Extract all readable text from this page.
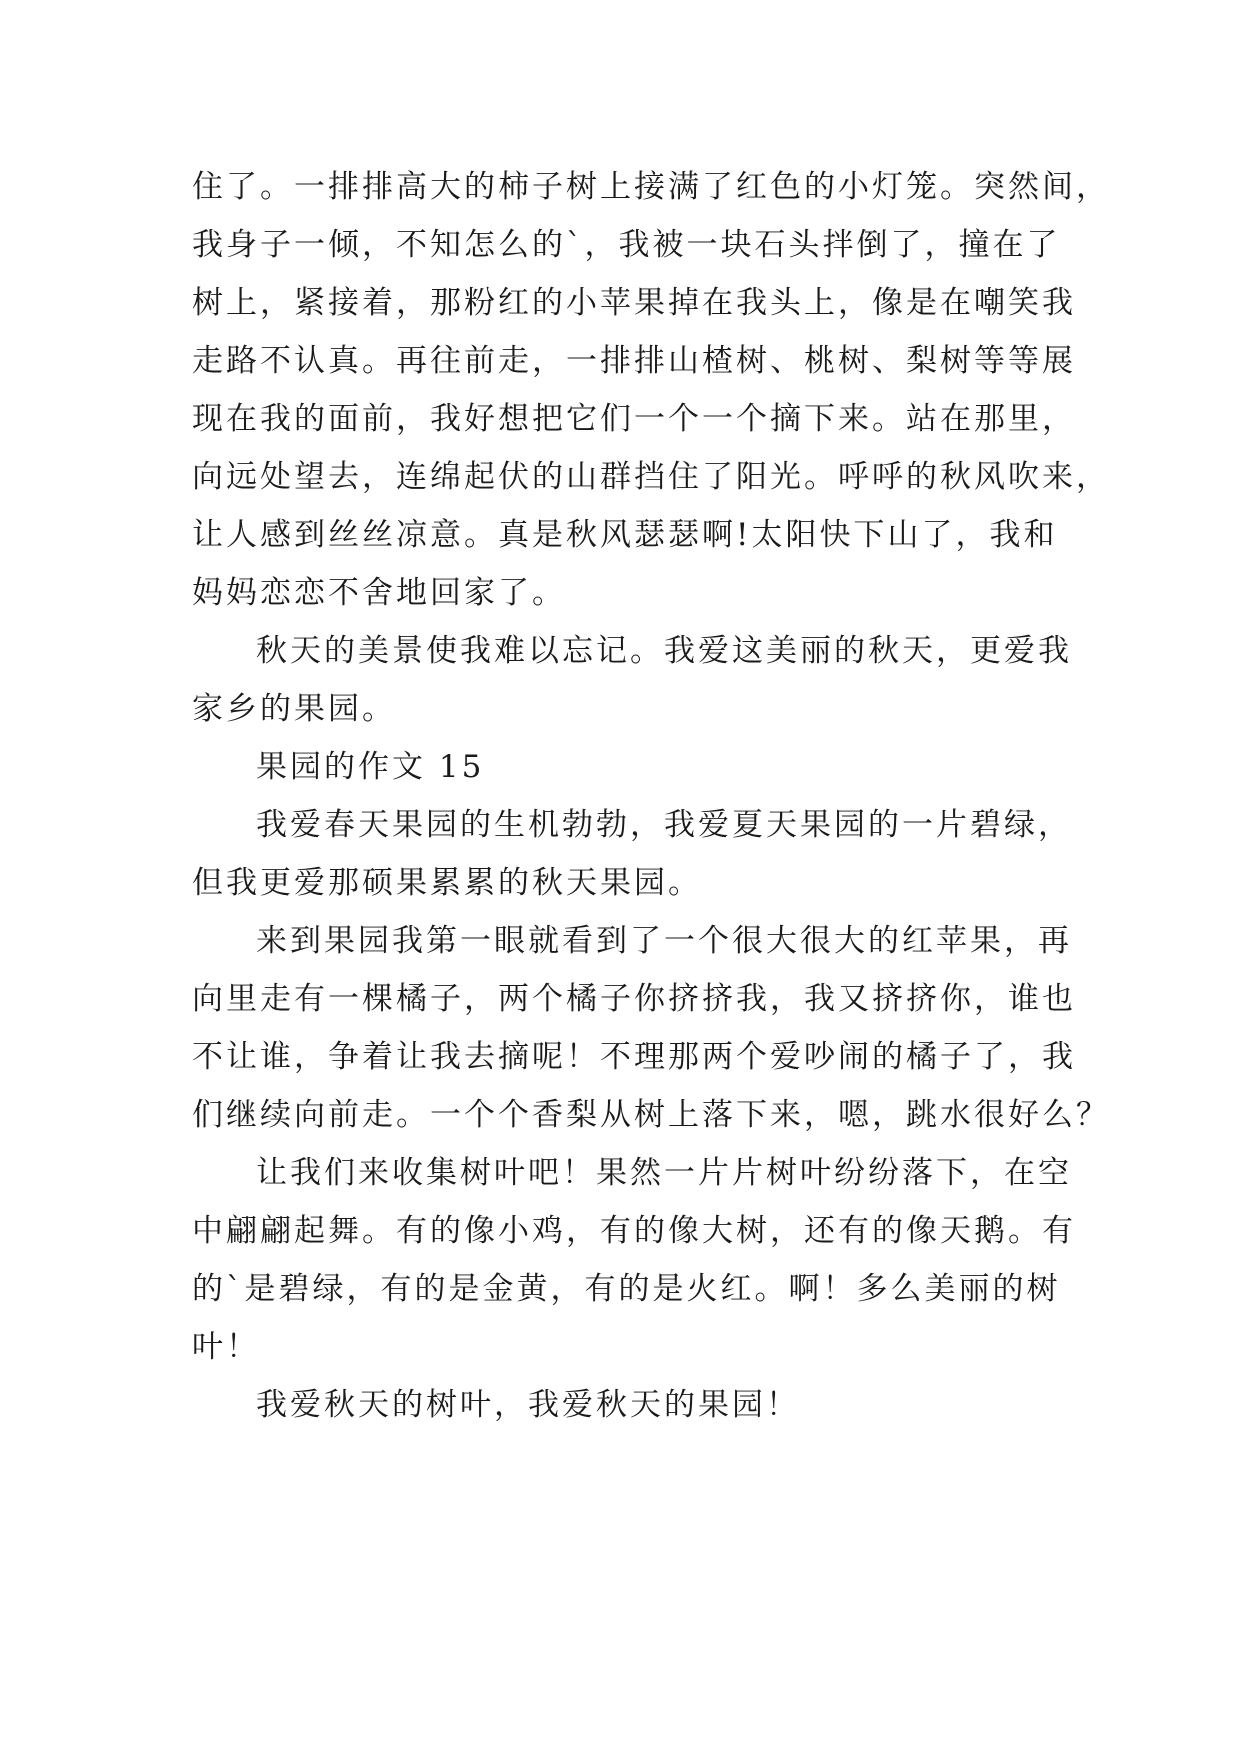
住了。一排排高大的柿子树上接满了红色的小灯笼。突然间，
我身子一倾，不知怎么的`，我被一块石头拌倒了，撞在了
树上，紧接着，那粉红的小苹果掉在我头上，像是在嘲笑我
走路不认真。再往前走，一排排山楂树、桃树、梨树等等展
现在我的面前，我好想把它们一个一个摘下来。站在那里，
向远处望去，连绵起伏的山群挡住了阳光。呼呼的秋风吹来，
让人感到丝丝凉意。真是秋风瑟瑟啊!太阳快下山了，我和
妈妈恋恋不舍地回家了。

秋天的美景使我难以忘记。我爱这美丽的秋天，更爱我
家乡的果园。

果园的作文 15

我爱春天果园的生机勃勃，我爱夏天果园的一片碧绿，
但我更爱那硕果累累的秋天果园。

来到果园我第一眼就看到了一个很大很大的红苹果，再
向里走有一棵橘子，两个橘子你挤挤我，我又挤挤你，谁也
不让谁，争着让我去摘呢！不理那两个爱吵闹的橘子了，我
们继续向前走。一个个香梨从树上落下来，嗯，跳水很好么？

让我们来收集树叶吧！果然一片片树叶纷纷落下，在空
中翩翩起舞。有的像小鸡，有的像大树，还有的像天鹅。有
的`是碧绿，有的是金黄，有的是火红。啊！多么美丽的树
叶！

我爱秋天的树叶，我爱秋天的果园！
